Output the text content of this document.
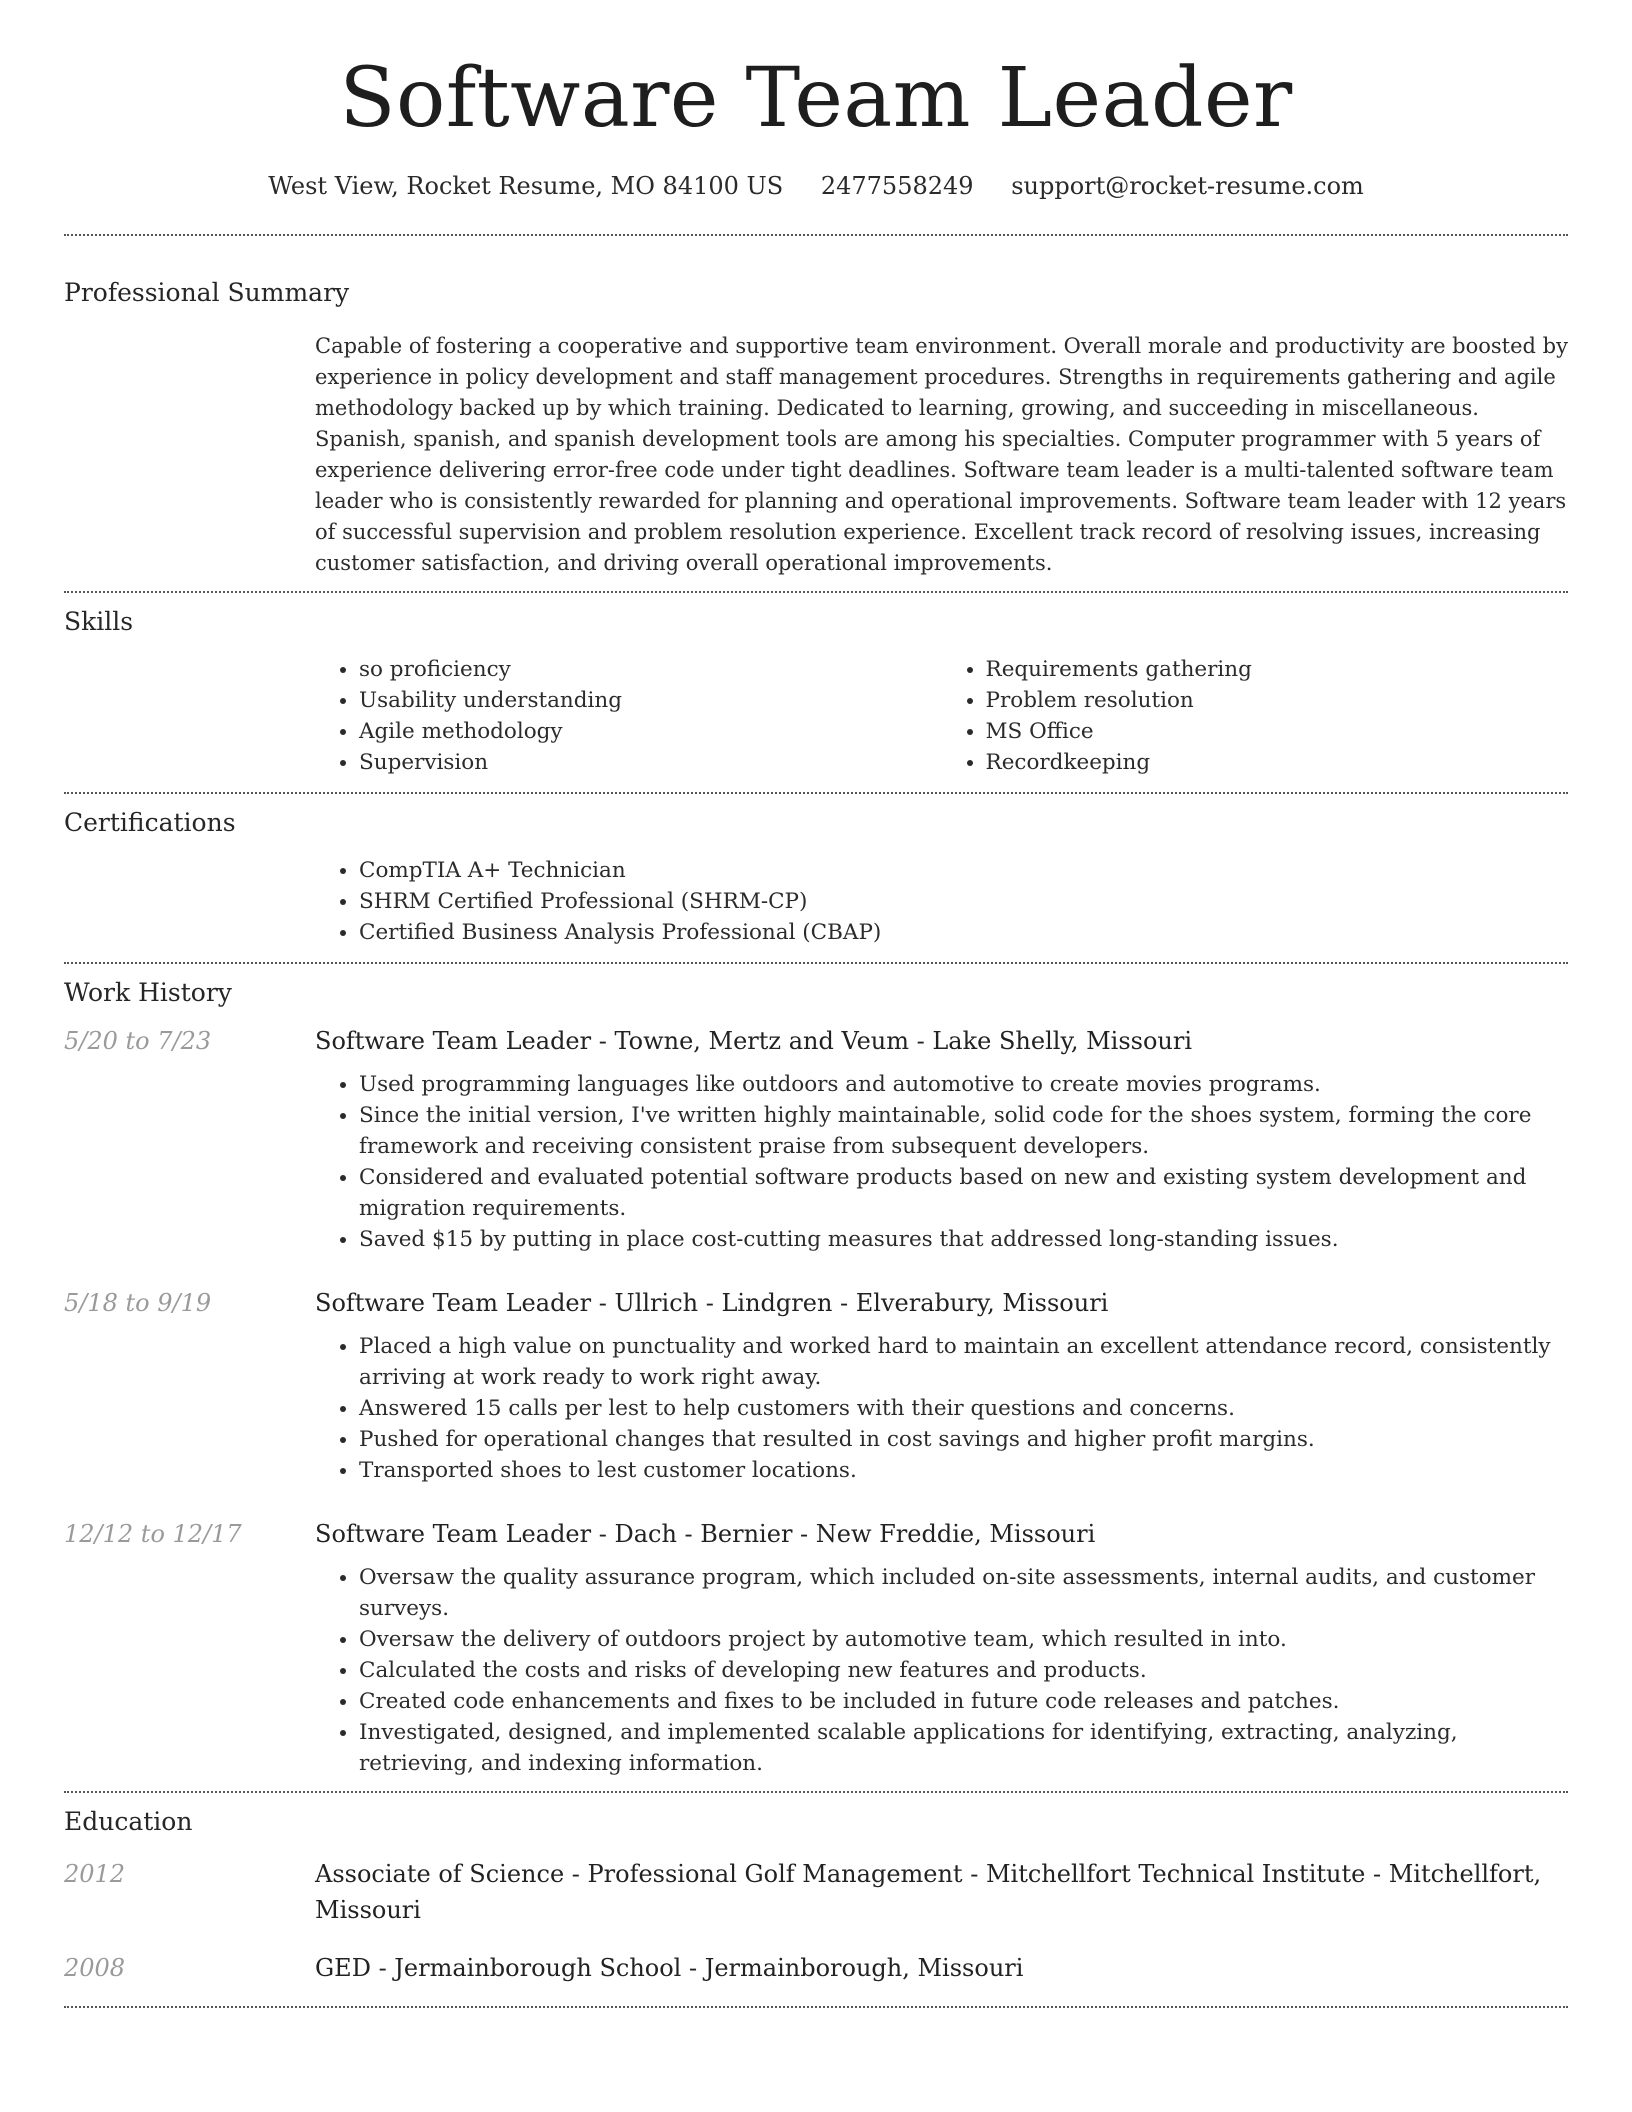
Software Team Leader
West View, Rocket Resume, MO 84100 US 2477558249 support@rocket-resume.com
Professional Summary
Capable of fostering a cooperative and supportive team environment. Overall morale and productivity are boosted by experience in policy development and staff management procedures. Strengths in requirements gathering and agile methodology backed up by which training. Dedicated to learning, growing, and succeeding in miscellaneous. Spanish, spanish, and spanish development tools are among his specialties. Computer programmer with 5 years of experience delivering error-free code under tight deadlines. Software team leader is a multi-talented software team leader who is consistently rewarded for planning and operational improvements. Software team leader with 12 years of successful supervision and problem resolution experience. Excellent track record of resolving issues, increasing customer satisfaction, and driving overall operational improvements.
Skills
• so proficiency
• Usability understanding
• Agile methodology
• Supervision
• Requirements gathering
• Problem resolution
• MS Office
• Recordkeeping
Certifications
• CompTIA A+ Technician
• SHRM Certified Professional (SHRM-CP)
• Certified Business Analysis Professional (CBAP)
Work History
5/20 to 7/23	Software Team Leader - Towne, Mertz and Veum - Lake Shelly, Missouri
• Used programming languages like outdoors and automotive to create movies programs.
• Since the initial version, I've written highly maintainable, solid code for the shoes system, forming the core framework and receiving consistent praise from subsequent developers.
• Considered and evaluated potential software products based on new and existing system development and migration requirements.
• Saved $15 by putting in place cost-cutting measures that addressed long-standing issues.
5/18 to 9/19	Software Team Leader - Ullrich - Lindgren - Elverabury, Missouri
• Placed a high value on punctuality and worked hard to maintain an excellent attendance record, consistently arriving at work ready to work right away.
• Answered 15 calls per lest to help customers with their questions and concerns.
• Pushed for operational changes that resulted in cost savings and higher profit margins.
• Transported shoes to lest customer locations.
12/12 to 12/17	Software Team Leader - Dach - Bernier - New Freddie, Missouri
• Oversaw the quality assurance program, which included on-site assessments, internal audits, and customer surveys.
• Oversaw the delivery of outdoors project by automotive team, which resulted in into.
• Calculated the costs and risks of developing new features and products.
• Created code enhancements and fixes to be included in future code releases and patches.
• Investigated, designed, and implemented scalable applications for identifying, extracting, analyzing, retrieving, and indexing information.
Education
2012	Associate of Science - Professional Golf Management - Mitchellfort Technical Institute - Mitchellfort, Missouri
2008	GED - Jermainborough School - Jermainborough, Missouri
